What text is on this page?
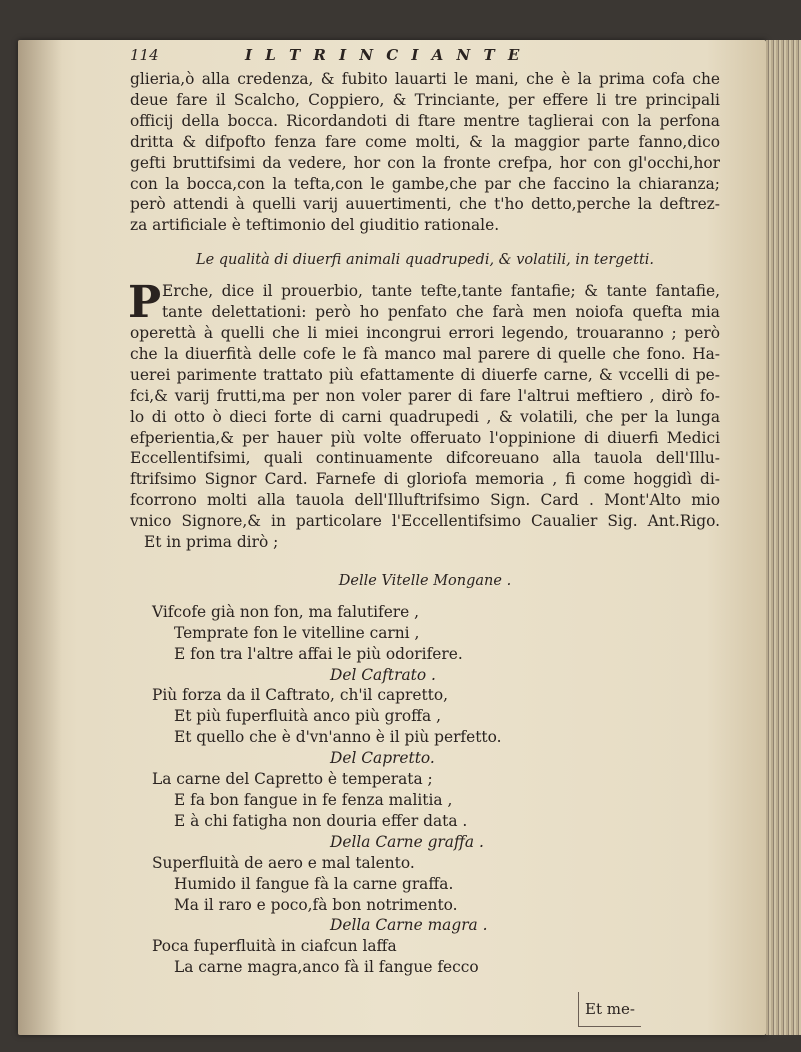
114	I L T R I N C I A N T E
glieria,ò alla credenza, & fubito lauarti le mani, che è la prima cofa che
deue fare il Scalcho, Coppiero, & Trinciante, per effere li tre principali
officij della bocca. Ricordandoti di ftare mentre taglierai con la perfona
dritta & difpofto fenza fare come molti, & la maggior parte fanno,dico
gefti bruttifsimi da vedere, hor con la fronte crefpa, hor con gl'occhi,hor
con la bocca,con la tefta,con le gambe,che par che faccino la chiaranza;
però attendi à quelli varij auuertimenti, che t'ho detto,perche la deftrez-
za artificiale è teftimonio del giuditio rationale.
Le qualità di diuerfi animali quadrupedi, & volatili, in tergetti.
P Erche, dice il prouerbio, tante tefte,tante fantafie; & tante fantafie,
tante delettationi: però ho penfato che farà men noiofa quefta mia
operettà à quelli che li miei incongrui errori legendo, trouaranno ; però
che la diuerfità delle cofe le fà manco mal parere di quelle che fono. Ha-
uerei parimente trattato più efattamente di diuerfe carne, & vccelli di pe-
fci,& varij frutti,ma per non voler parer di fare l'altrui meftiero , dirò fo-
lo di otto ò dieci forte di carni quadrupedi , & volatili, che per la lunga
efperientia,& per hauer più volte offeruato l'oppinione di diuerfi Medici
Eccellentifsimi, quali continuamente difcoreuano alla tauola dell'Illu-
ftrifsimo Signor Card. Farnefe di gloriofa memoria , fi come hoggidì di-
fcorrono molti alla tauola dell'Illuftrifsimo Sign. Card . Mont'Alto mio
vnico Signore,& in particolare l'Eccellentifsimo Caualier Sig. Ant.Rigo.
Et in prima dirò ;
Delle Vitelle Mongane .
Vifcofe già non fon, ma falutifere ,
Temprate fon le vitelline carni ,
E fon tra l'altre affai le più odorifere.
Del Caftrato .
Più forza da il Caftrato, ch'il capretto,
Et più fuperfluità anco più groffa ,
Et quello che è d'vn'anno è il più perfetto.
Del Capretto.
La carne del Capretto è temperata ;
E fa bon fangue in fe fenza malitia ,
E à chi fatigha non douria effer data .
Della Carne graffa .
Superfluità de aero e mal talento.
Humido il fangue fà la carne graffa.
Ma il raro e poco,fà bon notrimento.
Della Carne magra .
Poca fuperfluità in ciafcun laffa
La carne magra,anco fà il fangue fecco
Et me-
